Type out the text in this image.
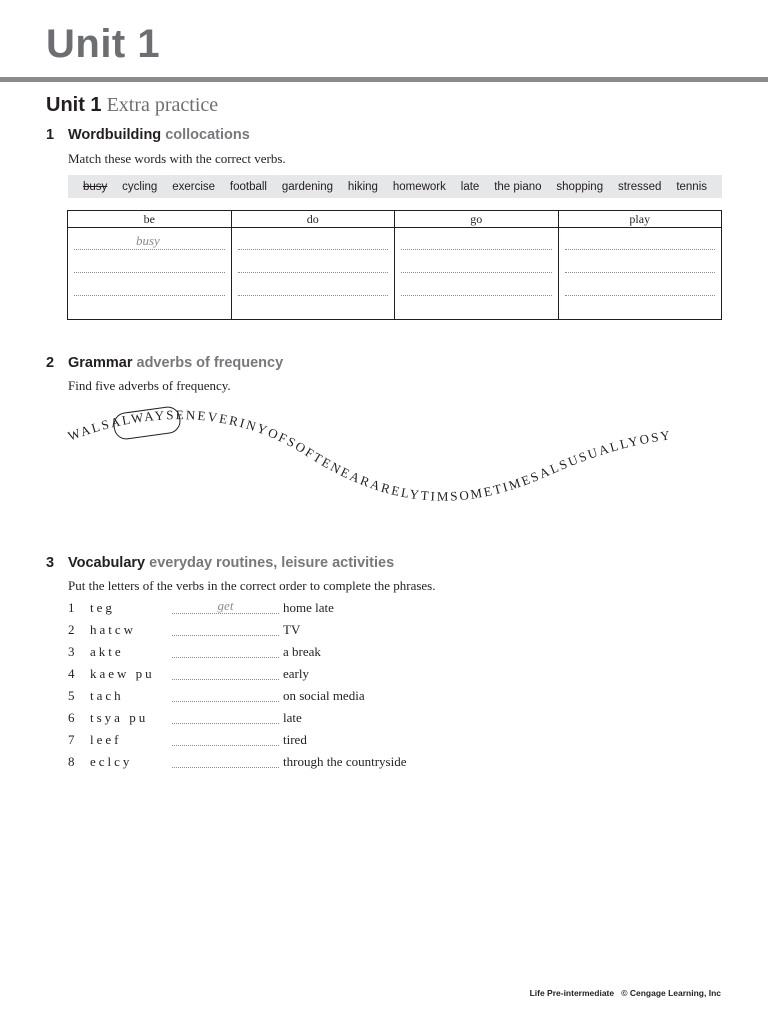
Unit 1
Unit 1 Extra practice
1 Wordbuilding collocations
Match these words with the correct verbs.
busy cycling exercise football gardening hiking homework late the piano shopping stressed tennis
be	do	go	play

busy			

2 Grammar adverbs of frequency
Find five adverbs of frequency.
WALSALWAYSENEVERINYOFSOFTENEARARELYTIMSOMETIMESALSUSUALLYOSY
3 Vocabulary everyday routines, leisure activities
Put the letters of the verbs in the correct order to complete the phrases.
1 teg	get	home late
2 hatcw	TV
3 akte	a break
4 kaew pu	early
5 tach	on social media
6 tsya pu	late
7 leef	tired
8 eclcy	through the countryside
Life Pre-intermediate © Cengage Learning, Inc
